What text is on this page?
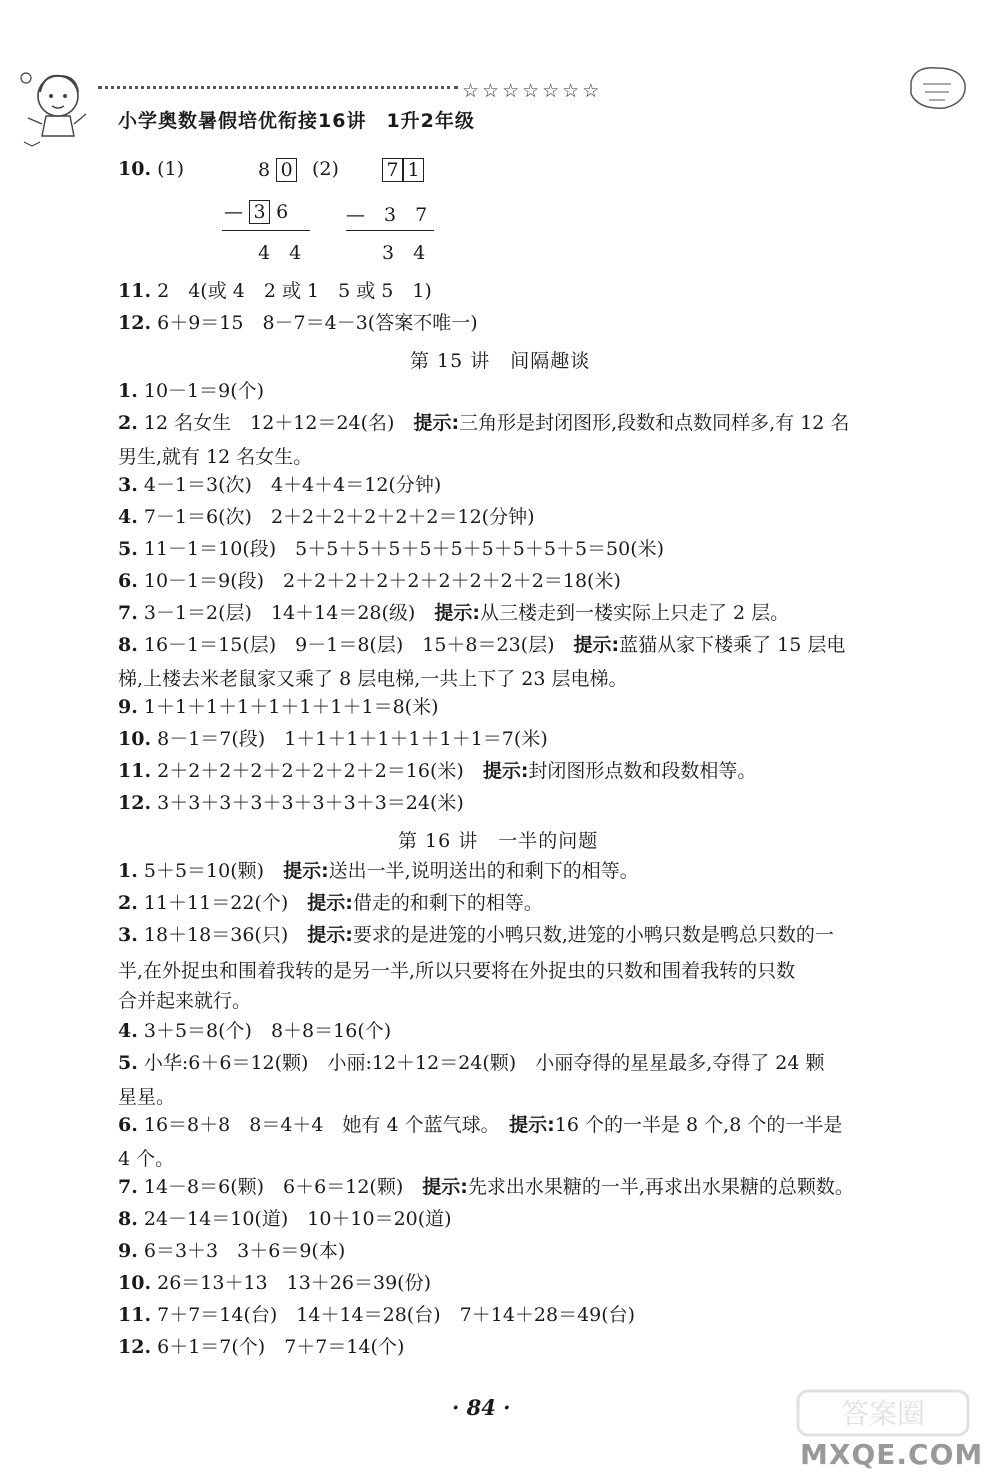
☆☆☆☆☆☆☆
小学奥数暑假培优衔接16讲　1升2年级
10. (1)	8 0
— 3 6
4　4
(2)	7 1
—　 3　7
3　4
11. 2　4(或 4　2 或 1　5 或 5　1)
12. 6＋9＝15　8－7＝4－3(答案不唯一)
第 15 讲　间隔趣谈
1. 10－1＝9(个)
2. 12 名女生　12＋12＝24(名)　提示:三角形是封闭图形,段数和点数同样多,有 12 名
男生,就有 12 名女生。
3. 4－1＝3(次)　4＋4＋4＝12(分钟)
4. 7－1＝6(次)　2＋2＋2＋2＋2＋2＝12(分钟)
5. 11－1＝10(段)　5＋5＋5＋5＋5＋5＋5＋5＋5＋5＝50(米)
6. 10－1＝9(段)　2＋2＋2＋2＋2＋2＋2＋2＋2＝18(米)
7. 3－1＝2(层)　14＋14＝28(级)　提示:从三楼走到一楼实际上只走了 2 层。
8. 16－1＝15(层)　9－1＝8(层)　15＋8＝23(层)　提示:蓝猫从家下楼乘了 15 层电
梯,上楼去米老鼠家又乘了 8 层电梯,一共上下了 23 层电梯。
9. 1＋1＋1＋1＋1＋1＋1＋1＝8(米)
10. 8－1＝7(段)　1＋1＋1＋1＋1＋1＋1＝7(米)
11. 2＋2＋2＋2＋2＋2＋2＋2＝16(米)　提示:封闭图形点数和段数相等。
12. 3＋3＋3＋3＋3＋3＋3＋3＝24(米)
第 16 讲　一半的问题
1. 5＋5＝10(颗)　提示:送出一半,说明送出的和剩下的相等。
2. 11＋11＝22(个)　提示:借走的和剩下的相等。
3. 18＋18＝36(只)　提示:要求的是进笼的小鸭只数,进笼的小鸭只数是鸭总只数的一
半,在外捉虫和围着我转的是另一半,所以只要将在外捉虫的只数和围着我转的只数
合并起来就行。
4. 3＋5＝8(个)　8＋8＝16(个)
5. 小华:6＋6＝12(颗)　小丽:12＋12＝24(颗)　小丽夺得的星星最多,夺得了 24 颗
星星。
6. 16＝8＋8　8＝4＋4　她有 4 个蓝气球。　提示:16 个的一半是 8 个,8 个的一半是
4 个。
7. 14－8＝6(颗)　6＋6＝12(颗)　提示:先求出水果糖的一半,再求出水果糖的总颗数。
8. 24－14＝10(道)　10＋10＝20(道)
9. 6＝3＋3　3＋6＝9(本)
10. 26＝13＋13　13＋26＝39(份)
11. 7＋7＝14(台)　14＋14＝28(台)　7＋14＋28＝49(台)
12. 6＋1＝7(个)　7＋7＝14(个)
· 84 ·	答案圈
MXQE.COM
